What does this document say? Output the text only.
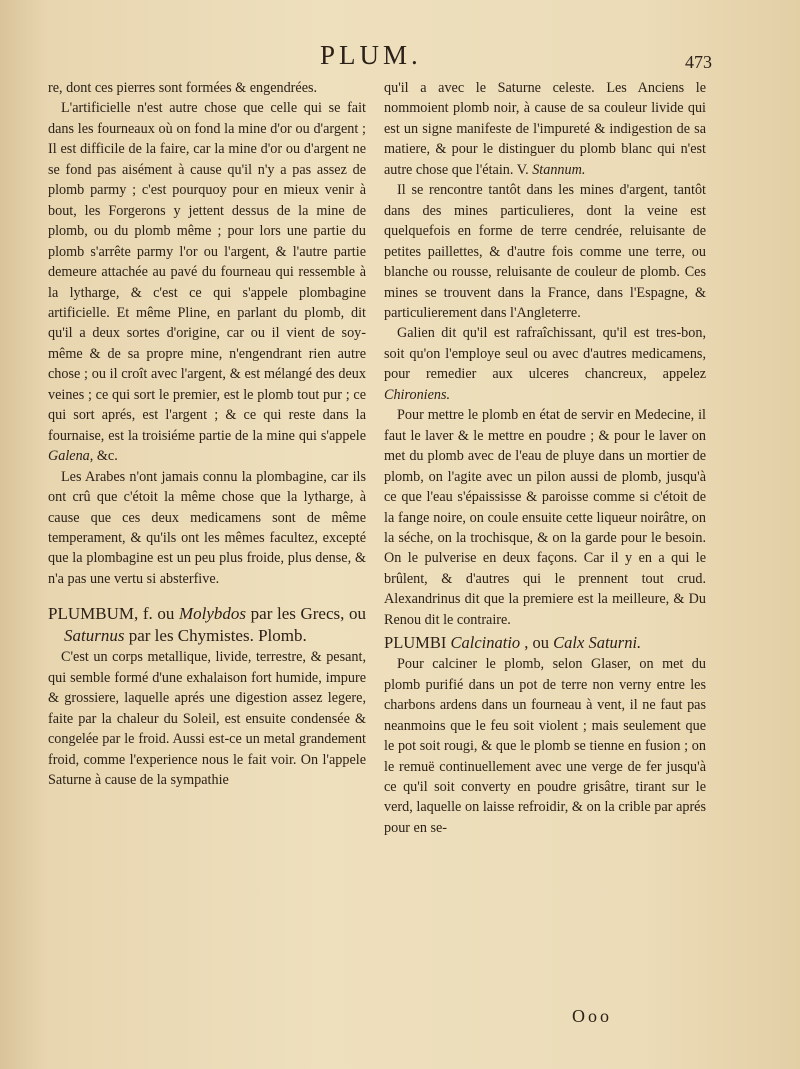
PLUM.	473

re, dont ces pierres sont formées & engendrées.

L'artificielle n'est autre chose que celle qui se fait dans les fourneaux où on fond la mine d'or ou d'argent ; Il est difficile de la faire, car la mine d'or ou d'argent ne se fond pas aisément à cause qu'il n'y a pas assez de plomb parmy ; c'est pourquoy pour en mieux venir à bout, les Forgerons y jettent dessus de la mine de plomb, ou du plomb même ; pour lors une partie du plomb s'arrête parmy l'or ou l'argent, & l'autre partie demeure attachée au pavé du fourneau qui ressemble à la lytharge, & c'est ce qui s'appele plombagine artificielle. Et même Pline, en parlant du plomb, dit qu'il a deux sortes d'origine, car ou il vient de soy-même & de sa propre mine, n'engendrant rien autre chose ; ou il croît avec l'argent, & est mélangé des deux veines ; ce qui sort le premier, est le plomb tout pur ; ce qui sort aprés, est l'argent ; & ce qui reste dans la fournaise, est la troisiéme partie de la mine qui s'appele Galena, &c.

Les Arabes n'ont jamais connu la plombagine, car ils ont crû que c'étoit la même chose que la lytharge, à cause que ces deux medicamens sont de même temperament, & qu'ils ont les mêmes facultez, excepté que la plombagine est un peu plus froide, plus dense, & n'a pas une vertu si absterfive.

PLUMBUM, f. ou Molybdos par les Grecs, ou Saturnus par les Chymistes. Plomb.

C'est un corps metallique, livide, terrestre, & pesant, qui semble formé d'une exhalaison fort humide, impure & grossiere, laquelle aprés une digestion assez legere, faite par la chaleur du Soleil, est ensuite condensée & congelée par le froid. Aussi est-ce un metal grandement froid, comme l'experience nous le fait voir. On l'appele Saturne à cause de la sympathie

qu'il a avec le Saturne celeste. Les Anciens le nommoient plomb noir, à cause de sa couleur livide qui est un signe manifeste de l'impureté & indigestion de sa matiere, & pour le distinguer du plomb blanc qui n'est autre chose que l'étain. V. Stannum.

Il se rencontre tantôt dans les mines d'argent, tantôt dans des mines particulieres, dont la veine est quelquefois en forme de terre cendrée, reluisante de petites paillettes, & d'autre fois comme une terre, ou blanche ou rousse, reluisante de couleur de plomb. Ces mines se trouvent dans la France, dans l'Espagne, & particulierement dans l'Angleterre.

Galien dit qu'il est rafraîchissant, qu'il est tres-bon, soit qu'on l'employe seul ou avec d'autres medicamens, pour remedier aux ulceres chancreux, appelez Chironiens.

Pour mettre le plomb en état de servir en Medecine, il faut le laver & le mettre en poudre ; & pour le laver on met du plomb avec de l'eau de pluye dans un mortier de plomb, on l'agite avec un pilon aussi de plomb, jusqu'à ce que l'eau s'épaississe & paroisse comme si c'étoit de la fange noire, on coule ensuite cette liqueur noirâtre, on la séche, on la trochisque, & on la garde pour le besoin. On le pulverise en deux façons. Car il y en a qui le brûlent, & d'autres qui le prennent tout crud. Alexandrinus dit que la premiere est la meilleure, & Du Renou dit le contraire.

PLUMBI Calcinatio , ou Calx Saturni.

Pour calciner le plomb, selon Glaser, on met du plomb purifié dans un pot de terre non verny entre les charbons ardens dans un fourneau à vent, il ne faut pas neanmoins que le feu soit violent ; mais seulement que le pot soit rougi, & que le plomb se tienne en fusion ; on le remuë continuellement avec une verge de fer jusqu'à ce qu'il soit converty en poudre grisâtre, tirant sur le verd, laquelle on laisse refroidir, & on la crible par aprés pour en se-

Ooo
